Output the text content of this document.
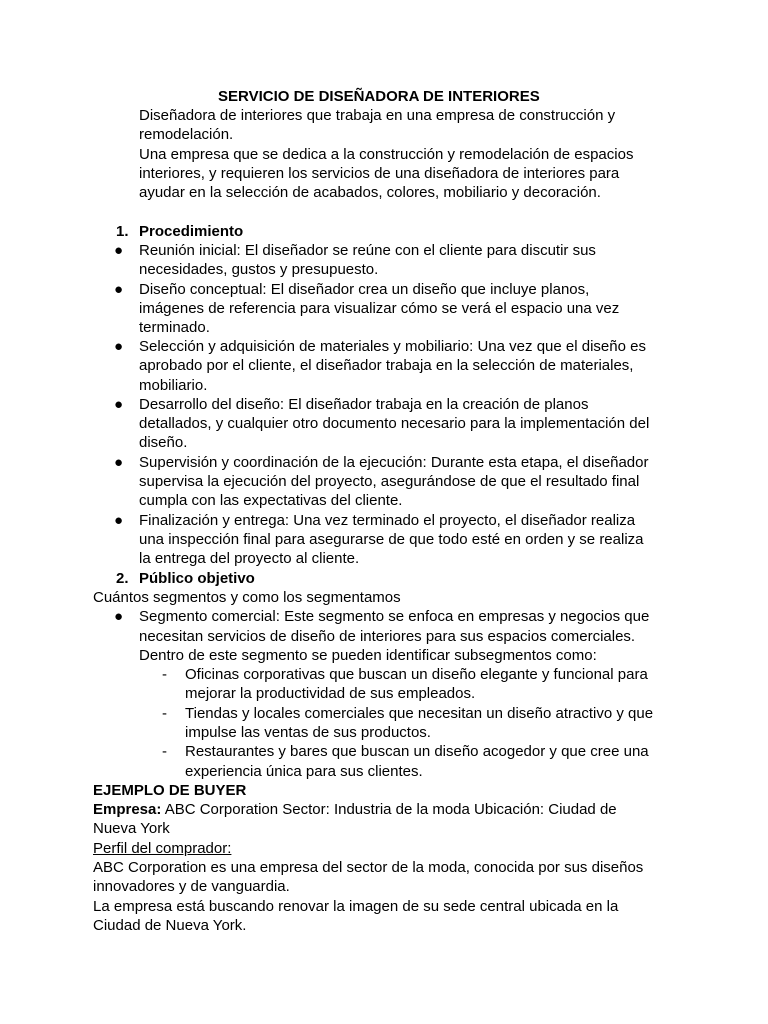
SERVICIO DE DISEÑADORA DE INTERIORES
Diseñadora de interiores que trabaja en una empresa de construcción y
remodelación.
Una empresa que se dedica a la construcción y remodelación de espacios
interiores, y requieren los servicios de una diseñadora de interiores para
ayudar en la selección de acabados, colores, mobiliario y decoración.
1. Procedimiento
● Reunión inicial: El diseñador se reúne con el cliente para discutir sus
necesidades, gustos y presupuesto.
● Diseño conceptual: El diseñador crea un diseño que incluye planos,
imágenes de referencia para visualizar cómo se verá el espacio una vez
terminado.
● Selección y adquisición de materiales y mobiliario: Una vez que el diseño es
aprobado por el cliente, el diseñador trabaja en la selección de materiales,
mobiliario.
● Desarrollo del diseño: El diseñador trabaja en la creación de planos
detallados, y cualquier otro documento necesario para la implementación del
diseño.
● Supervisión y coordinación de la ejecución: Durante esta etapa, el diseñador
supervisa la ejecución del proyecto, asegurándose de que el resultado final
cumpla con las expectativas del cliente.
● Finalización y entrega: Una vez terminado el proyecto, el diseñador realiza
una inspección final para asegurarse de que todo esté en orden y se realiza
la entrega del proyecto al cliente.
2. Público objetivo
Cuántos segmentos y como los segmentamos
● Segmento comercial: Este segmento se enfoca en empresas y negocios que
necesitan servicios de diseño de interiores para sus espacios comerciales.
Dentro de este segmento se pueden identificar subsegmentos como:
- Oficinas corporativas que buscan un diseño elegante y funcional para
mejorar la productividad de sus empleados.
- Tiendas y locales comerciales que necesitan un diseño atractivo y que
impulse las ventas de sus productos.
- Restaurantes y bares que buscan un diseño acogedor y que cree una
experiencia única para sus clientes.
EJEMPLO DE BUYER
Empresa: ABC Corporation Sector: Industria de la moda Ubicación: Ciudad de
Nueva York
Perfil del comprador:
ABC Corporation es una empresa del sector de la moda, conocida por sus diseños
innovadores y de vanguardia.
La empresa está buscando renovar la imagen de su sede central ubicada en la
Ciudad de Nueva York.
